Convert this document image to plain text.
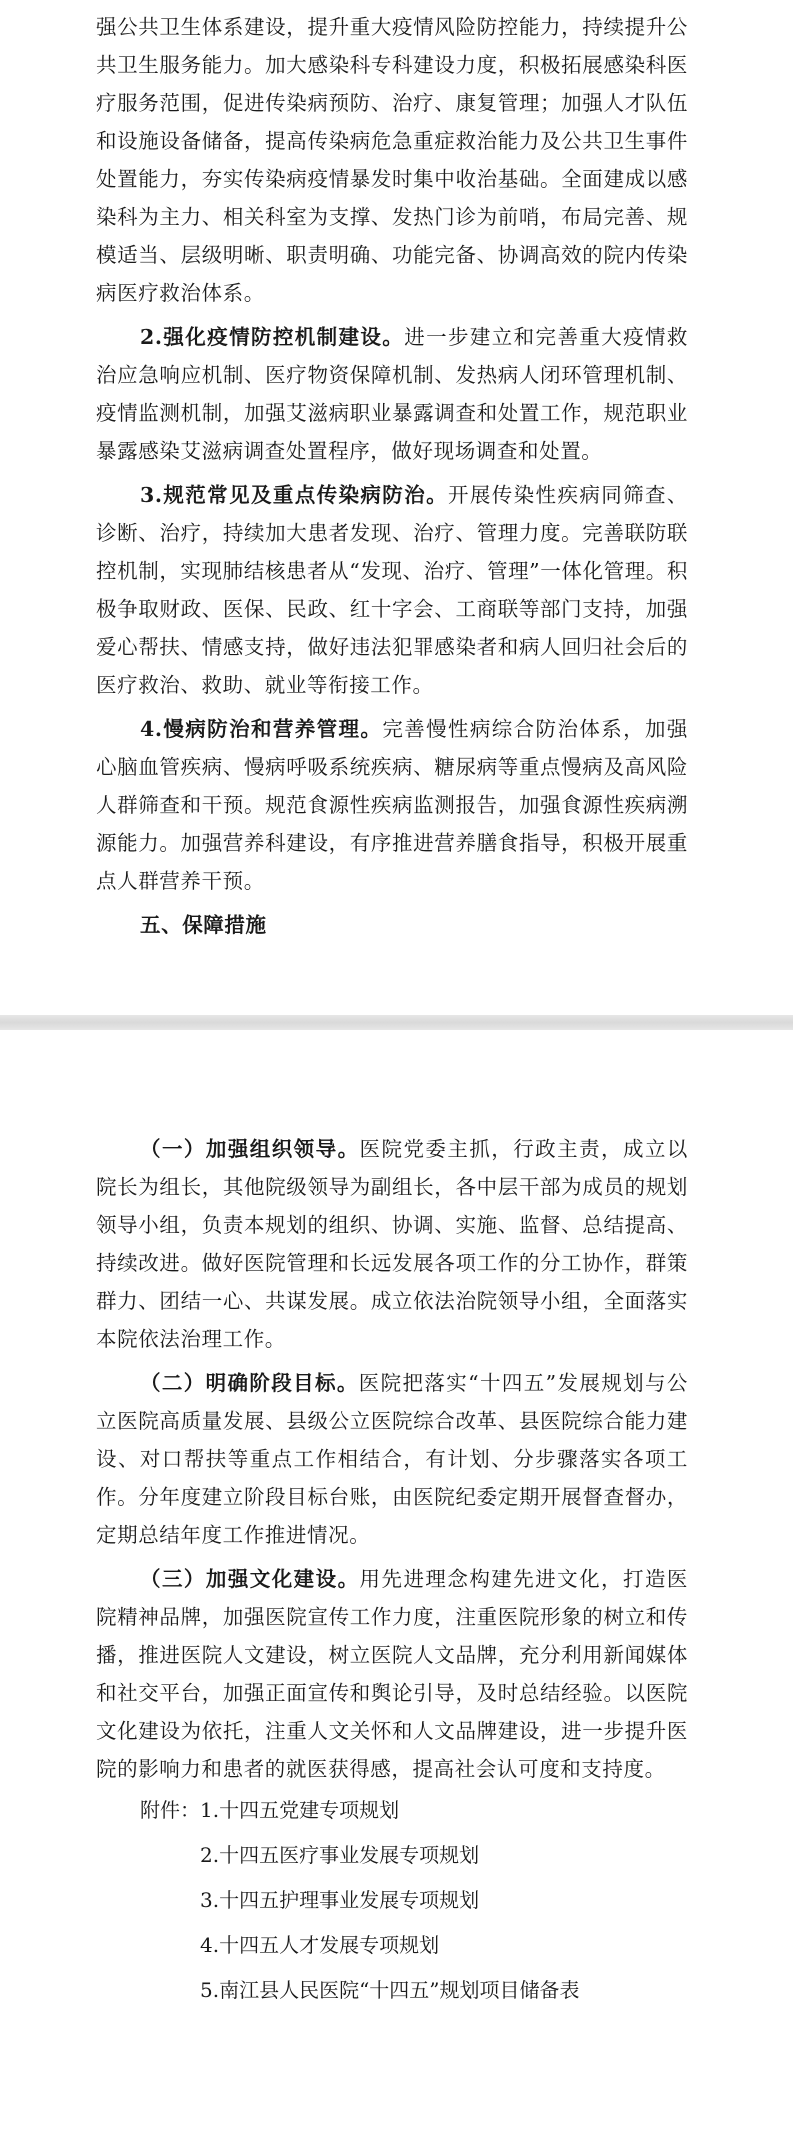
强公共卫生体系建设，提升重大疫情风险防控能力，持续提升公共卫生服务能力。加大感染科专科建设力度，积极拓展感染科医疗服务范围，促进传染病预防、治疗、康复管理；加强人才队伍和设施设备储备，提高传染病危急重症救治能力及公共卫生事件处置能力，夯实传染病疫情暴发时集中收治基础。全面建成以感染科为主力、相关科室为支撑、发热门诊为前哨，布局完善、规模适当、层级明晰、职责明确、功能完备、协调高效的院内传染病医疗救治体系。

2.强化疫情防控机制建设。进一步建立和完善重大疫情救治应急响应机制、医疗物资保障机制、发热病人闭环管理机制、疫情监测机制，加强艾滋病职业暴露调查和处置工作，规范职业暴露感染艾滋病调查处置程序，做好现场调查和处置。

3.规范常见及重点传染病防治。开展传染性疾病同筛查、诊断、治疗，持续加大患者发现、治疗、管理力度。完善联防联控机制，实现肺结核患者从“发现、治疗、管理”一体化管理。积极争取财政、医保、民政、红十字会、工商联等部门支持，加强爱心帮扶、情感支持，做好违法犯罪感染者和病人回归社会后的医疗救治、救助、就业等衔接工作。

4.慢病防治和营养管理。完善慢性病综合防治体系，加强心脑血管疾病、慢病呼吸系统疾病、糖尿病等重点慢病及高风险人群筛查和干预。规范食源性疾病监测报告，加强食源性疾病溯源能力。加强营养科建设，有序推进营养膳食指导，积极开展重点人群营养干预。

五、保障措施

（一）加强组织领导。医院党委主抓，行政主责，成立以院长为组长，其他院级领导为副组长，各中层干部为成员的规划领导小组，负责本规划的组织、协调、实施、监督、总结提高、持续改进。做好医院管理和长远发展各项工作的分工协作，群策群力、团结一心、共谋发展。成立依法治院领导小组，全面落实本院依法治理工作。

（二）明确阶段目标。医院把落实“十四五”发展规划与公立医院高质量发展、县级公立医院综合改革、县医院综合能力建设、对口帮扶等重点工作相结合，有计划、分步骤落实各项工作。分年度建立阶段目标台账，由医院纪委定期开展督查督办，定期总结年度工作推进情况。

（三）加强文化建设。用先进理念构建先进文化，打造医院精神品牌，加强医院宣传工作力度，注重医院形象的树立和传播，推进医院人文建设，树立医院人文品牌，充分利用新闻媒体和社交平台，加强正面宣传和舆论引导，及时总结经验。以医院文化建设为依托，注重人文关怀和人文品牌建设，进一步提升医院的影响力和患者的就医获得感，提高社会认可度和支持度。

附件：1.十四五党建专项规划
2.十四五医疗事业发展专项规划
3.十四五护理事业发展专项规划
4.十四五人才发展专项规划
5.南江县人民医院“十四五”规划项目储备表
